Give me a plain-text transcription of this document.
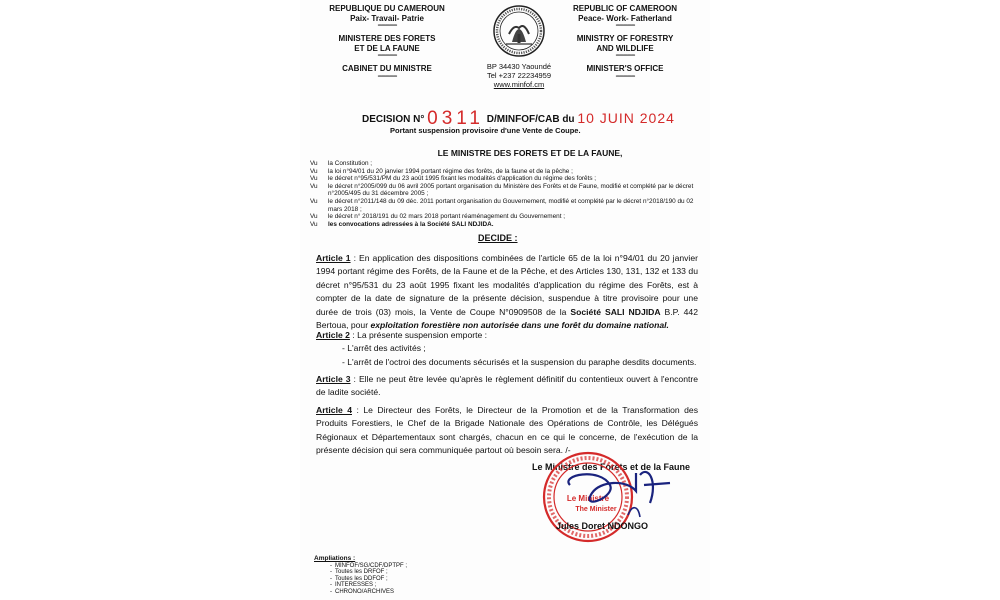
REPUBLIQUE DU CAMEROUN
Paix- Travail- Patrie
--------------
MINISTERE DES FORETS
ET DE LA FAUNE
--------------
CABINET DU MINISTRE
--------------
BP 34430 Yaoundé
Tel +237 22234959
www.minfof.cm
REPUBLIC OF CAMEROON
Peace- Work- Fatherland
--------------
MINISTRY OF FORESTRY
AND WILDLIFE
--------------
MINISTER'S OFFICE
--------------
DECISION N° 0311 D/MINFOF/CAB du 10 JUIN 2024
Portant suspension provisoire d'une Vente de Coupe.
LE MINISTRE DES FORETS ET DE LA FAUNE,
Vu	la Constitution ;
Vu	la loi n°94/01 du 20 janvier 1994 portant régime des forêts, de la faune et de la pêche ;
Vu	le décret n°95/531/PM du 23 août 1995 fixant les modalités d'application du régime des forêts ;
Vu	le décret n°2005/099 du 06 avril 2005 portant organisation du Ministère des Forêts et de Faune, modifié et complété par le décret n°2005/495 du 31 décembre 2005 ;
Vu	le décret n°2011/148 du 09 déc. 2011 portant organisation du Gouvernement, modifié et complété par le décret n°2018/190 du 02 mars 2018 ;
Vu	le décret n° 2018/191 du 02 mars 2018 portant réaménagement du Gouvernement ;
Vu	les convocations adressées à la Société SALI NDJIDA.
DECIDE :
Article 1 : En application des dispositions combinées de l'article 65 de la loi n°94/01 du 20 janvier 1994 portant régime des Forêts, de la Faune et de la Pêche, et des Articles 130, 131, 132 et 133 du décret n°95/531 du 23 août 1995 fixant les modalités d'application du régime des Forêts, est à compter de la date de signature de la présente décision, suspendue à titre provisoire pour une durée de trois (03) mois, la Vente de Coupe N°0909508 de la Société SALI NDJIDA B.P. 442 Bertoua, pour exploitation forestière non autorisée dans une forêt du domaine national.
Article 2 : La présente suspension emporte :
- L'arrêt des activités ;
- L'arrêt de l'octroi des documents sécurisés et la suspension du paraphe desdits documents.
Article 3 : Elle ne peut être levée qu'après le règlement définitif du contentieux ouvert à l'encontre de ladite société.
Article 4 : Le Directeur des Forêts, le Directeur de la Promotion et de la Transformation des Produits Forestiers, le Chef de la Brigade Nationale des Opérations de Contrôle, les Délégués Régionaux et Départementaux sont chargés, chacun en ce qui le concerne, de l'exécution de la présente décision qui sera communiquée partout où besoin sera. /-
Le Ministre des Forêts et de la Faune
Le Ministre
The Minister
Jules Doret NDONGO
Ampliations :
- MINFOF/SG/CDF/DPTPF ;
- Toutes les DRFOF ;
- Toutes les DDFOF ;
- INTERESSES ;
- CHRONO/ARCHIVES
